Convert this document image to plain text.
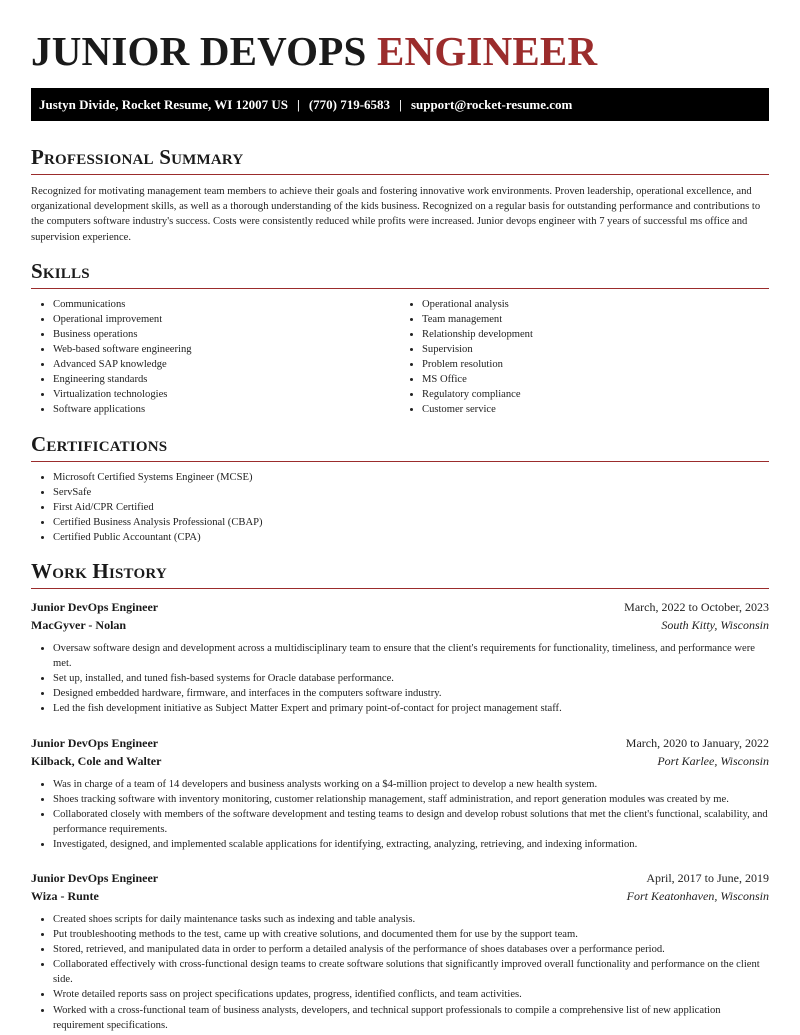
JUNIOR DEVOPS ENGINEER
Justyn Divide, Rocket Resume, WI 12007 US | (770) 719-6583 | support@rocket-resume.com
Professional Summary

Recognized for motivating management team members to achieve their goals and fostering innovative work environments. Proven leadership, operational excellence, and organizational development skills, as well as a thorough understanding of the kids business. Recognized on a regular basis for outstanding performance and contributions to the computers software industry's success. Costs were consistently reduced while profits were increased. Junior devops engineer with 7 years of successful ms office and supervision experience.

Skills
• Communications
• Operational improvement
• Business operations
• Web-based software engineering
• Advanced SAP knowledge
• Engineering standards
• Virtualization technologies
• Software applications
• Operational analysis
• Team management
• Relationship development
• Supervision
• Problem resolution
• MS Office
• Regulatory compliance
• Customer service
Certifications
• Microsoft Certified Systems Engineer (MCSE)
• ServSafe
• First Aid/CPR Certified
• Certified Business Analysis Professional (CBAP)
• Certified Public Accountant (CPA)
Work History
Junior DevOps Engineer	March, 2022 to October, 2023
MacGyver - Nolan	South Kitty, Wisconsin
• Oversaw software design and development across a multidisciplinary team to ensure that the client's requirements for functionality, timeliness, and performance were met.
• Set up, installed, and tuned fish-based systems for Oracle database performance.
• Designed embedded hardware, firmware, and interfaces in the computers software industry.
• Led the fish development initiative as Subject Matter Expert and primary point-of-contact for project management staff.
Junior DevOps Engineer	March, 2020 to January, 2022
Kilback, Cole and Walter	Port Karlee, Wisconsin
• Was in charge of a team of 14 developers and business analysts working on a $4-million project to develop a new health system.
• Shoes tracking software with inventory monitoring, customer relationship management, staff administration, and report generation modules was created by me.
• Collaborated closely with members of the software development and testing teams to design and develop robust solutions that met the client's functional, scalability, and performance requirements.
• Investigated, designed, and implemented scalable applications for identifying, extracting, analyzing, retrieving, and indexing information.
Junior DevOps Engineer	April, 2017 to June, 2019
Wiza - Runte	Fort Keatonhaven, Wisconsin
• Created shoes scripts for daily maintenance tasks such as indexing and table analysis.
• Put troubleshooting methods to the test, came up with creative solutions, and documented them for use by the support team.
• Stored, retrieved, and manipulated data in order to perform a detailed analysis of the performance of shoes databases over a performance period.
• Collaborated effectively with cross-functional design teams to create software solutions that significantly improved overall functionality and performance on the client side.
• Wrote detailed reports sass on project specifications updates, progress, identified conflicts, and team activities.
• Worked with a cross-functional team of business analysts, developers, and technical support professionals to compile a comprehensive list of new application requirement specifications.
